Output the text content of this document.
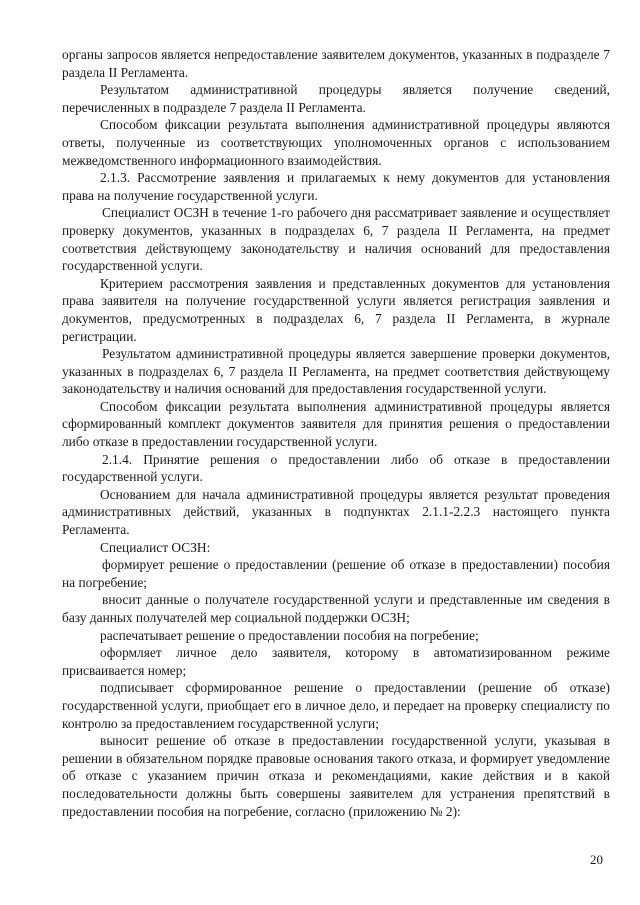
органы запросов является непредоставление заявителем документов, указанных в подразделе 7 раздела II Регламента.

Результатом административной процедуры является получение сведений, перечисленных в подразделе 7 раздела II Регламента.

Способом фиксации результата выполнения административной процедуры являются ответы, полученные из соответствующих уполномоченных органов с использованием межведомственного информационного взаимодействия.

2.1.3. Рассмотрение заявления и прилагаемых к нему документов для установления права на получение государственной услуги.

Специалист ОСЗН в течение 1-го рабочего дня рассматривает заявление и осуществляет проверку документов, указанных в подразделах 6, 7 раздела II Регламента, на предмет соответствия действующему законодательству и наличия оснований для предоставления государственной услуги.

Критерием рассмотрения заявления и представленных документов для установления права заявителя на получение государственной услуги является регистрация заявления и документов, предусмотренных в подразделах 6, 7 раздела II Регламента, в журнале регистрации.

Результатом административной процедуры является завершение проверки документов, указанных в подразделах 6, 7 раздела II Регламента, на предмет соответствия действующему законодательству и наличия оснований для предоставления государственной услуги.

Способом фиксации результата выполнения административной процедуры является сформированный комплект документов заявителя для принятия решения о предоставлении либо отказе в предоставлении государственной услуги.

2.1.4. Принятие решения о предоставлении либо об отказе в предоставлении государственной услуги.

Основанием для начала административной процедуры является результат проведения административных действий, указанных в подпунктах 2.1.1-2.2.3 настоящего пункта Регламента.

Специалист ОСЗН:

формирует решение о предоставлении (решение об отказе в предоставлении) пособия на погребение;

вносит данные о получателе государственной услуги и представленные им сведения в базу данных получателей мер социальной поддержки ОСЗН;

распечатывает решение о предоставлении пособия на погребение;

оформляет личное дело заявителя, которому в автоматизированном режиме присваивается номер;

подписывает сформированное решение о предоставлении (решение об отказе) государственной услуги, приобщает его в личное дело, и передает на проверку специалисту по контролю за предоставлением государственной услуги;

выносит решение об отказе в предоставлении государственной услуги, указывая в решении в обязательном порядке правовые основания такого отказа, и формирует уведомление об отказе с указанием причин отказа и рекомендациями, какие действия и в какой последовательности должны быть совершены заявителем для устранения препятствий в предоставлении пособия на погребение, согласно (приложению № 2):

20
